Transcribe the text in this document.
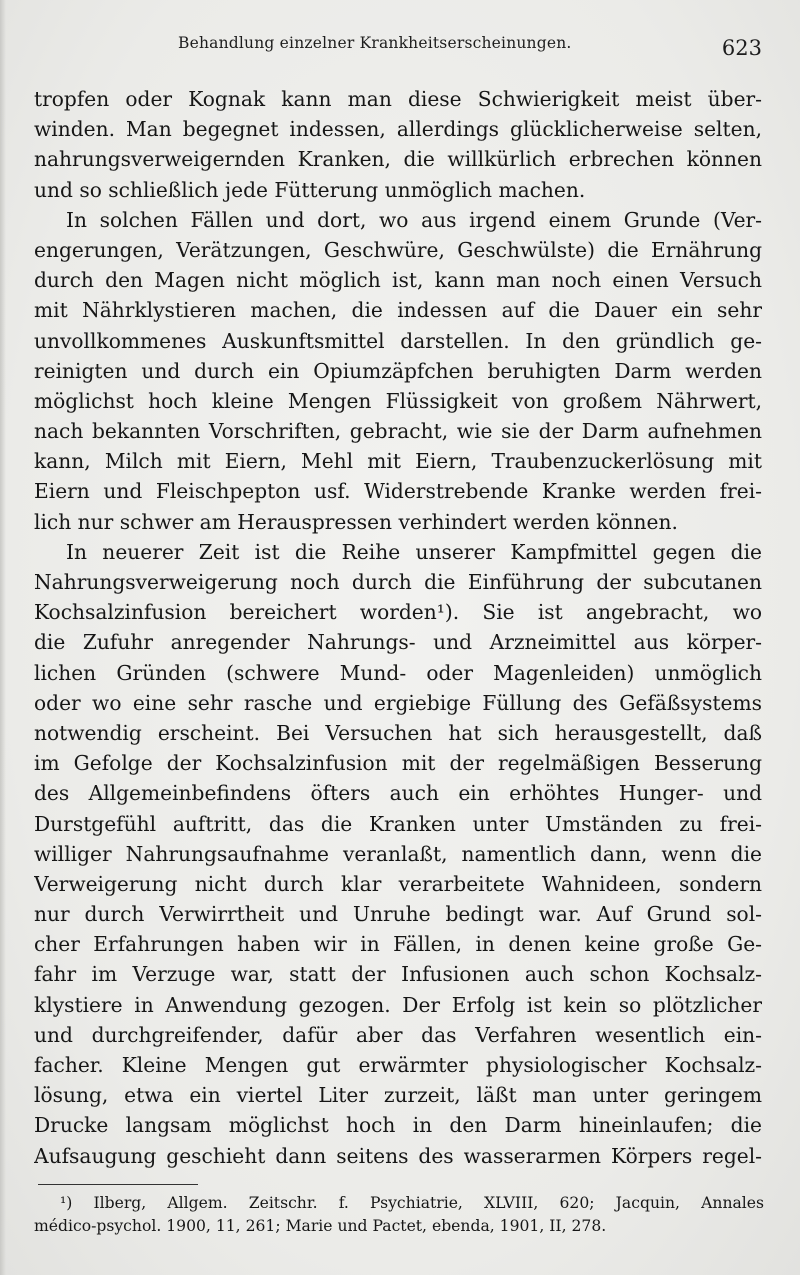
Behandlung einzelner Krankheitserscheinungen.	623
tropfen oder Kognak kann man diese Schwierigkeit meist über-
winden. Man begegnet indessen, allerdings glücklicherweise selten,
nahrungsverweigernden Kranken, die willkürlich erbrechen können
und so schließlich jede Fütterung unmöglich machen.
In solchen Fällen und dort, wo aus irgend einem Grunde (Ver-
engerungen, Verätzungen, Geschwüre, Geschwülste) die Ernährung
durch den Magen nicht möglich ist, kann man noch einen Versuch
mit Nährklystieren machen, die indessen auf die Dauer ein sehr
unvollkommenes Auskunftsmittel darstellen. In den gründlich ge-
reinigten und durch ein Opiumzäpfchen beruhigten Darm werden
möglichst hoch kleine Mengen Flüssigkeit von großem Nährwert,
nach bekannten Vorschriften, gebracht, wie sie der Darm aufnehmen
kann, Milch mit Eiern, Mehl mit Eiern, Traubenzuckerlösung mit
Eiern und Fleischpepton usf. Widerstrebende Kranke werden frei-
lich nur schwer am Herauspressen verhindert werden können.
In neuerer Zeit ist die Reihe unserer Kampfmittel gegen die
Nahrungsverweigerung noch durch die Einführung der subcutanen
Kochsalzinfusion bereichert worden¹). Sie ist angebracht, wo
die Zufuhr anregender Nahrungs- und Arzneimittel aus körper-
lichen Gründen (schwere Mund- oder Magenleiden) unmöglich
oder wo eine sehr rasche und ergiebige Füllung des Gefäßsystems
notwendig erscheint. Bei Versuchen hat sich herausgestellt, daß
im Gefolge der Kochsalzinfusion mit der regelmäßigen Besserung
des Allgemeinbefindens öfters auch ein erhöhtes Hunger- und
Durstgefühl auftritt, das die Kranken unter Umständen zu frei-
williger Nahrungsaufnahme veranlaßt, namentlich dann, wenn die
Verweigerung nicht durch klar verarbeitete Wahnideen, sondern
nur durch Verwirrtheit und Unruhe bedingt war. Auf Grund sol-
cher Erfahrungen haben wir in Fällen, in denen keine große Ge-
fahr im Verzuge war, statt der Infusionen auch schon Kochsalz-
klystiere in Anwendung gezogen. Der Erfolg ist kein so plötzlicher
und durchgreifender, dafür aber das Verfahren wesentlich ein-
facher. Kleine Mengen gut erwärmter physiologischer Kochsalz-
lösung, etwa ein viertel Liter zurzeit, läßt man unter geringem
Drucke langsam möglichst hoch in den Darm hineinlaufen; die
Aufsaugung geschieht dann seitens des wasserarmen Körpers regel-
¹) Ilberg, Allgem. Zeitschr. f. Psychiatrie, XLVIII, 620; Jacquin, Annales
médico-psychol. 1900, 11, 261; Marie und Pactet, ebenda, 1901, II, 278.
